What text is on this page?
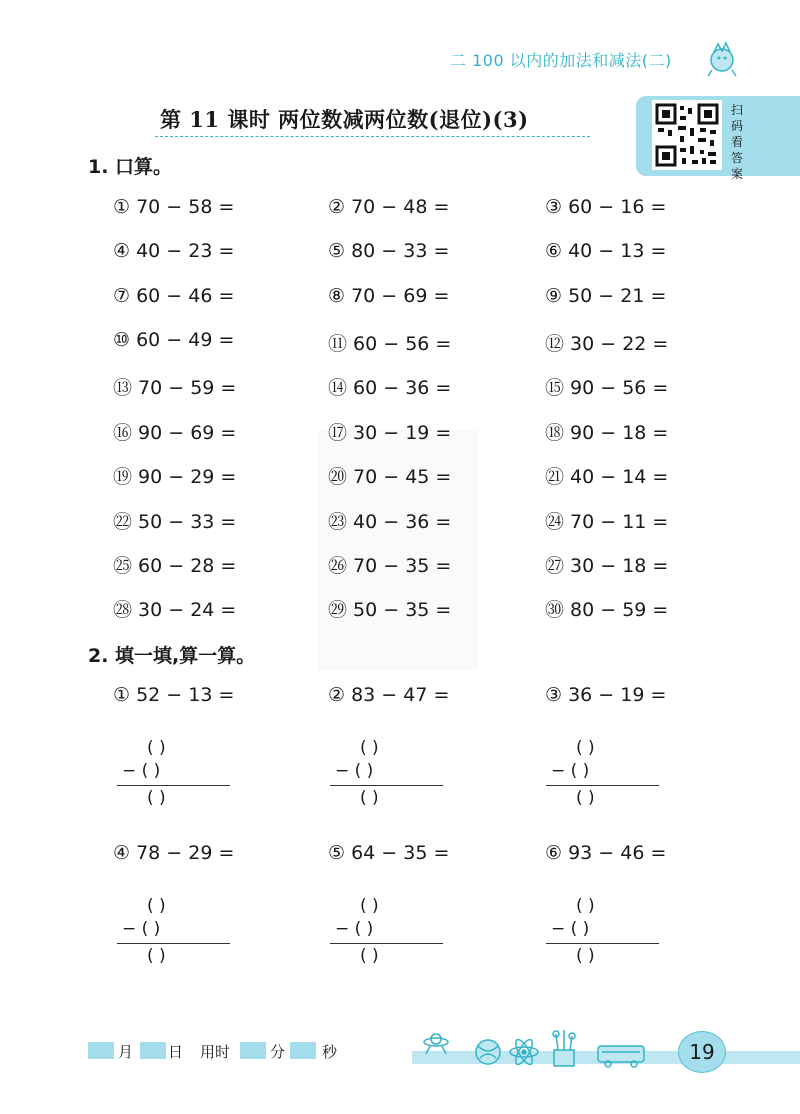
二 100 以内的加法和减法(二)
第 11 课时 两位数减两位数(退位)(3)	扫
码
看
答
案
1. 口算。
① 70 − 58 =	② 70 − 48 =	③ 60 − 16 =
④ 40 − 23 =	⑤ 80 − 33 =	⑥ 40 − 13 =
⑦ 60 − 46 =	⑧ 70 − 69 =	⑨ 50 − 21 =
⑩ 60 − 49 =	⑪ 60 − 56 =	⑫ 30 − 22 =
⑬ 70 − 59 =	⑭ 60 − 36 =	⑮ 90 − 56 =
⑯ 90 − 69 =	⑰ 30 − 19 =	⑱ 90 − 18 =
⑲ 90 − 29 =	⑳ 70 − 45 =	㉑ 40 − 14 =
㉒ 50 − 33 =	㉓ 40 − 36 =	㉔ 70 − 11 =
㉕ 60 − 28 =	㉖ 70 − 35 =	㉗ 30 − 18 =
㉘ 30 − 24 =	㉙ 50 − 35 =	㉚ 80 − 59 =
2. 填一填,算一算。
① 52 − 13 =	② 83 − 47 =	③ 36 − 19 =
( )
− ( )
( )
( )
− ( )
( )
( )
− ( )
( )
④ 78 − 29 =	⑤ 64 − 35 =	⑥ 93 − 46 =
( )
− ( )
( )
( )
− ( )
( )
( )
− ( )
( )
月 日 用时	分 秒	19
